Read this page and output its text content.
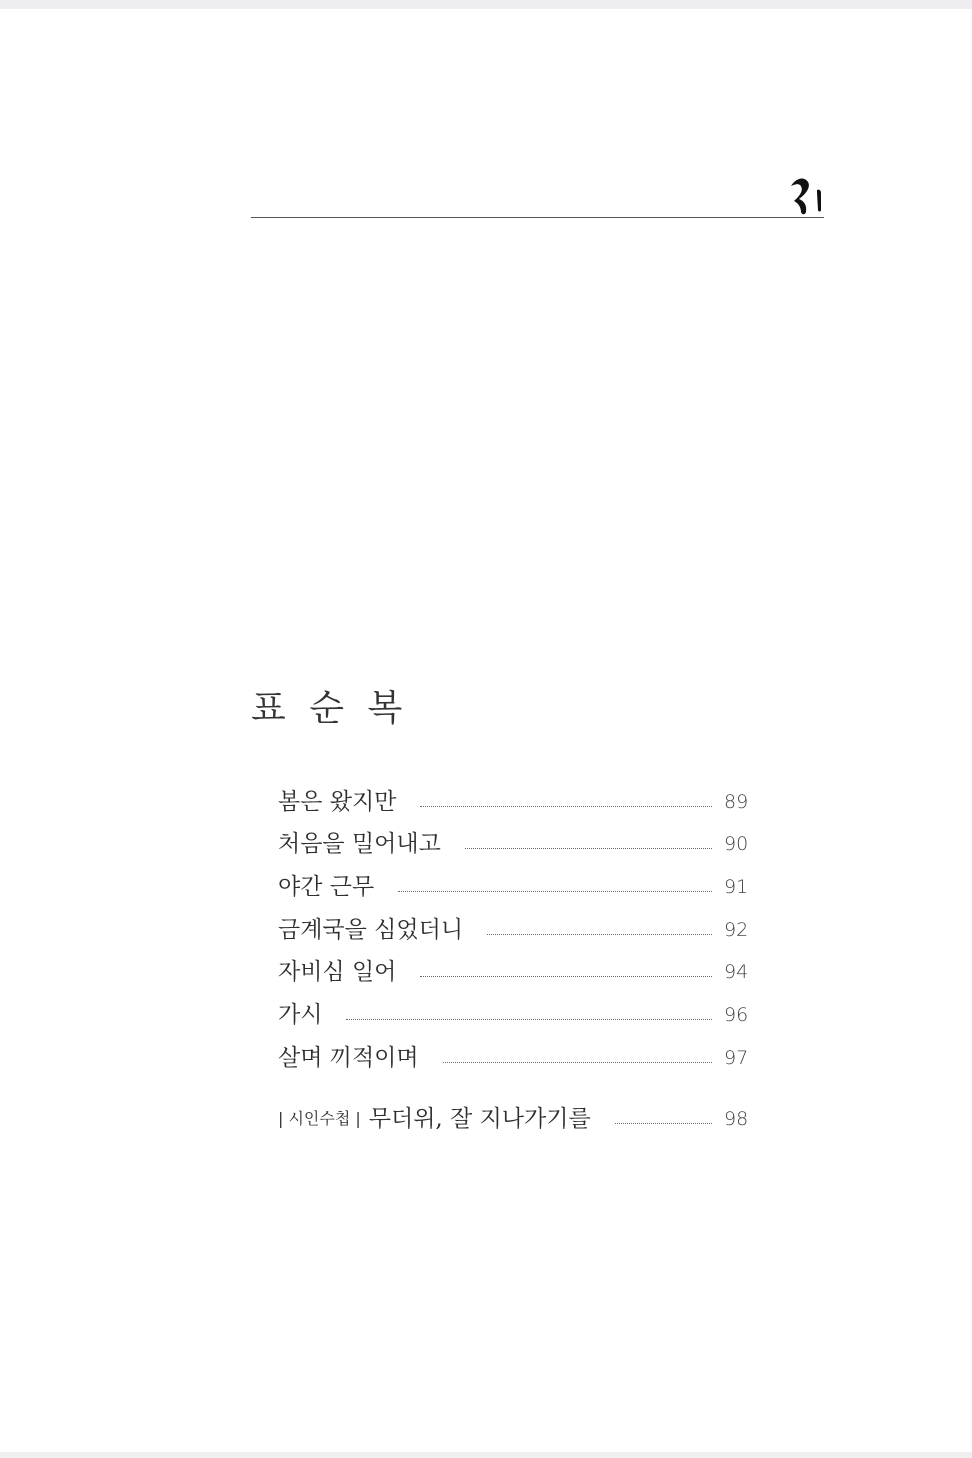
표 순 복
봄은 왔지만	89
처음을 밀어내고	90
야간 근무	91
금계국을 심었더니	92
자비심 일어	94
가시	96
살며 끼적이며	97
| 시인수첩 | 무더위, 잘 지나가기를	98
